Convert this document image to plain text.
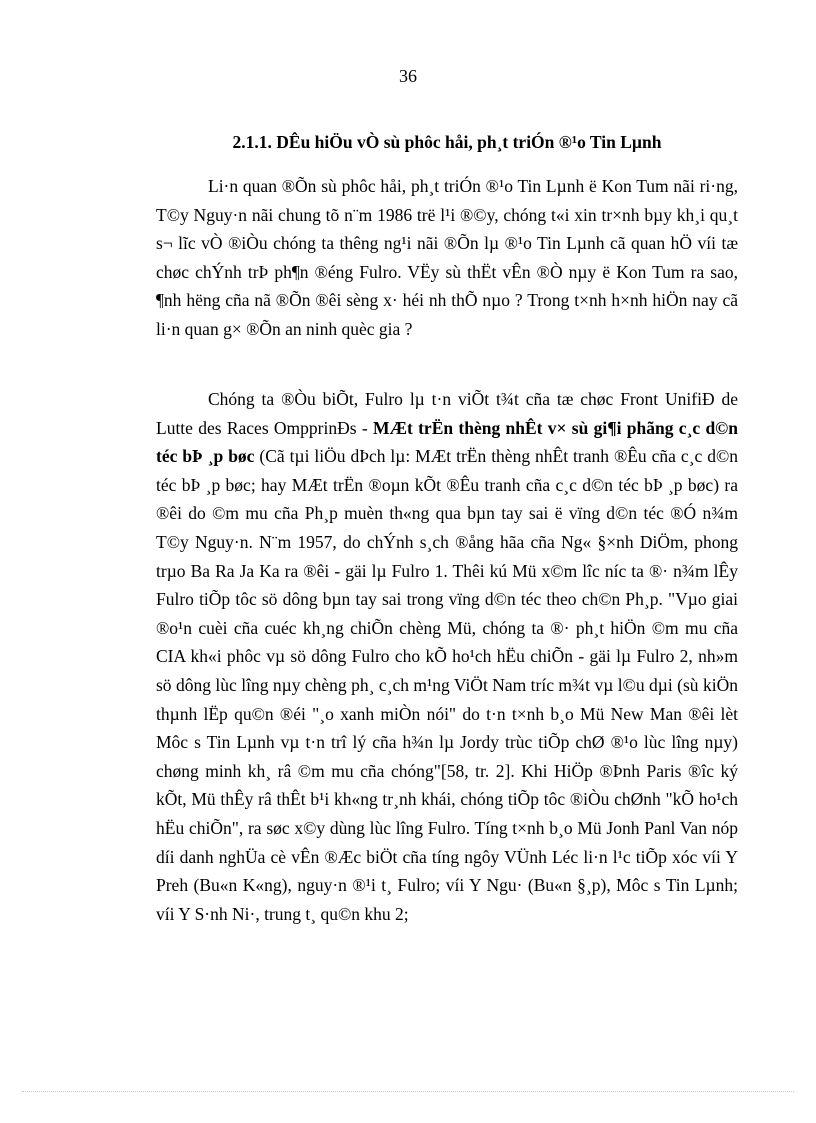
36
2.1.1. DÊu hiÖu vÒ sù phôc håi, ph¸t triÓn ®¹o Tin Lµnh

Li·n quan ®Õn sù phôc håi, ph¸t triÓn ®¹o Tin Lµnh ë Kon Tum nãi ri·ng, T©y Nguy·n nãi chung tõ n¨m 1986 trë l¹i ®©y, chóng t«i xin tr×nh bµy kh¸i qu¸t s¬ lĩc vÒ ®iÒu chóng ta thêng ng¹i nãi ®Õn lµ ®¹o Tin Lµnh cã quan hÖ víi tæ chøc chÝnh trÞ ph¶n ®éng Fulro. VËy sù thËt vÊn ®Ò nµy ë Kon Tum ra sao, ¶nh hëng cña nã ®Õn ®êi sèng x· héi nh thÕ nµo ? Trong t×nh h×nh hiÖn nay cã li·n quan g× ®Õn an ninh quèc gia ?

Chóng ta ®Òu biÕt, Fulro lµ t·n viÕt t¾t cña tæ chøc Front UnifiÐ de Lutte des Races OmpprinÐs - MÆt trËn thèng nhÊt v× sù gi¶i phãng c¸c d©n téc bÞ ¸p bøc (Cã tµi liÖu dÞch lµ: MÆt trËn thèng nhÊt tranh ®Êu cña c¸c d©n téc bÞ ¸p bøc; hay MÆt trËn ®oµn kÕt ®Êu tranh cña c¸c d©n téc bÞ ¸p bøc) ra ®êi do ©m mu cña Ph¸p muèn th«ng qua bµn tay sai ë vïng d©n téc ®Ó n¾m T©y Nguy·n. N¨m 1957, do chÝnh s¸ch ®ång hãa cña Ng« §×nh DiÖm, phong trµo Ba Ra Ja Ka ra ®êi - gäi lµ Fulro 1. Thêi kú Mü x©m lîc níc ta ®· n¾m lÊy Fulro tiÕp tôc sö dông bµn tay sai trong vïng d©n téc theo ch©n Ph¸p. "Vµo giai ®o¹n cuèi cña cuéc kh¸ng chiÕn chèng Mü, chóng ta ®· ph¸t hiÖn ©m mu cña CIA kh«i phôc vµ sö dông Fulro cho kÕ ho¹ch hËu chiÕn - gäi lµ Fulro 2, nh»m sö dông lùc lîng nµy chèng ph¸ c¸ch m¹ng ViÖt Nam tríc m¾t vµ l©u dµi (sù kiÖn thµnh lËp qu©n ®éi "¸o xanh miÒn nói" do t·n t×nh b¸o Mü New Man ®êi lèt Môc s Tin Lµnh vµ t·n trî lý cña h¾n lµ Jordy trùc tiÕp chØ ®¹o lùc lîng nµy) chøng minh kh¸ râ ©m mu cña chóng"[58, tr. 2]. Khi HiÖp ®Þnh Paris ®îc ký kÕt, Mü thÊy râ thÊt b¹i kh«ng tr¸nh khái, chóng tiÕp tôc ®iÒu chØnh "kÕ ho¹ch hËu chiÕn", ra søc x©y dùng lùc lîng Fulro. Tíng t×nh b¸o Mü Jonh Panl Van nóp díi danh nghÜa cè vÊn ®Æc biÖt cña tíng ngôy VÜnh Léc li·n l¹c tiÕp xóc víi Y Preh (Bu«n K«ng), nguy·n ®¹i t¸ Fulro; víi Y Ngu· (Bu«n §¸p), Môc s Tin Lµnh; víi Y S·nh Ni·, trung t¸ qu©n khu 2;
